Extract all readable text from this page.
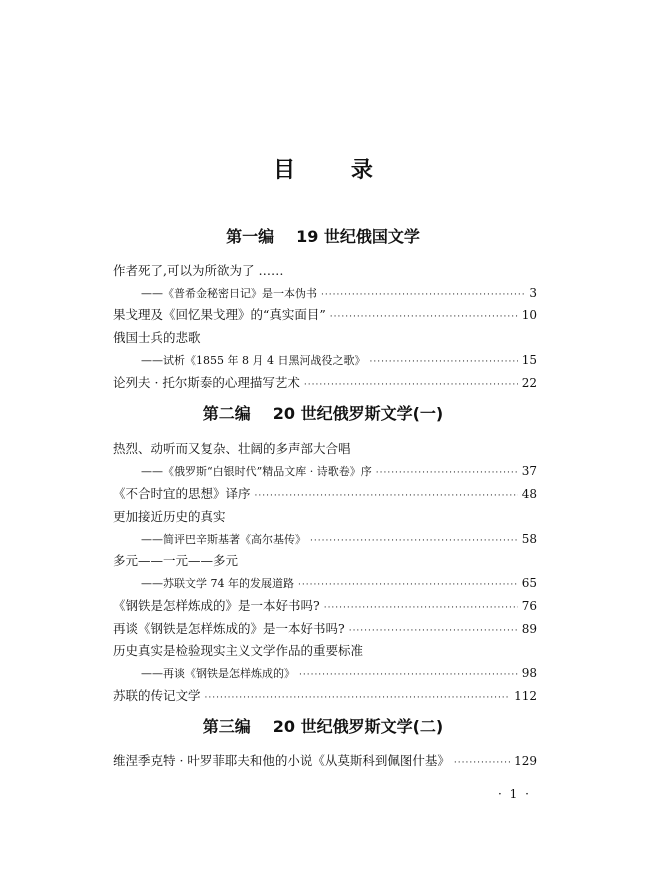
目 录
第一编 19 世纪俄国文学
作者死了,可以为所欲为了 ……
——《普希金秘密日记》是一本伪书 ·····	3
果戈理及《回忆果戈理》的“真实面目” ·····	10
俄国士兵的悲歌
——试析《1855 年 8 月 4 日黑河战役之歌》 ·····	15
论列夫 · 托尔斯泰的心理描写艺术 ·····	22
第二编 20 世纪俄罗斯文学(一)
热烈、动听而又复杂、壮阔的多声部大合唱
——《俄罗斯“白银时代”精品文库 · 诗歌卷》序 ·····	37
《不合时宜的思想》译序 ·····	48
更加接近历史的真实
——简评巴辛斯基著《高尔基传》 ·····	58
多元——一元——多元
——苏联文学 74 年的发展道路 ·····	65
《钢铁是怎样炼成的》是一本好书吗? ·····	76
再谈《钢铁是怎样炼成的》是一本好书吗? ·····	89
历史真实是检验现实主义文学作品的重要标准
——再谈《钢铁是怎样炼成的》 ·····	98
苏联的传记文学 ·····	112
第三编 20 世纪俄罗斯文学(二)
维涅季克特 · 叶罗菲耶夫和他的小说《从莫斯科到佩图什基》 ·····	129
· 1 ·
